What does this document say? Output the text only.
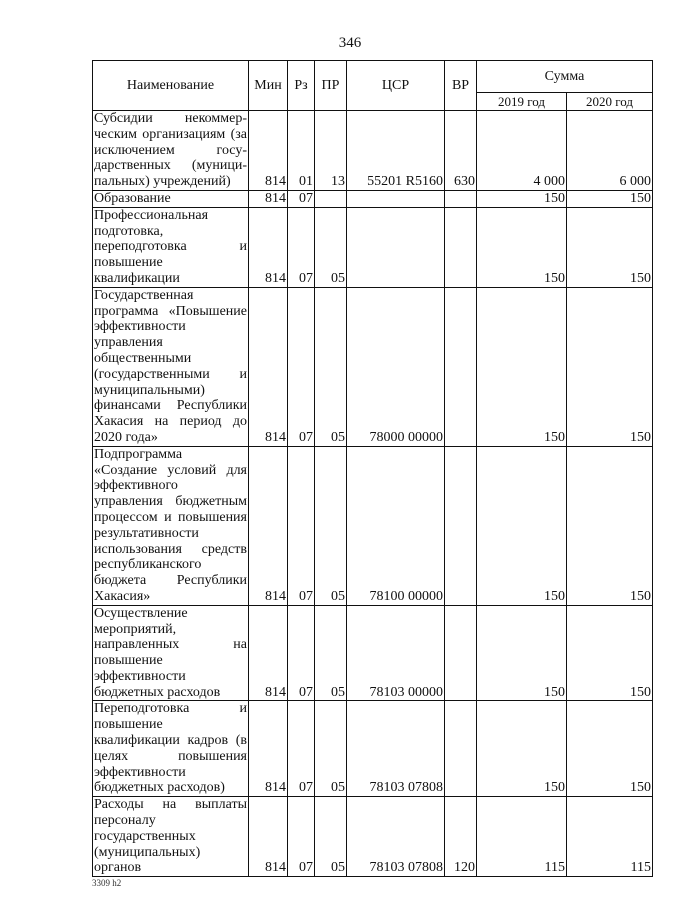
346
Наименование	Мин	Рз	ПР	ЦСР	ВР	Сумма	
						2019 год	2020 год
Субсидии некоммер-ческим организациям (за исключением госу-дарственных (муници-пальных) учреждений)	814	01	13	55201 R5160	630	4 000	6 000
Образование	814	07				150	150
Профессиональная подготовка, переподготовка и повышение квалификации	814	07	05			150	150
Государственная программа «Повышение эффективности управления общественными (государственными и муниципальными) финансами Республики Хакасия на период до 2020 года»	814	07	05	78000 00000		150	150
Подпрограмма «Создание условий для эффективного управления бюджетным процессом и повышения результативности использования средств республиканского бюджета Республики Хакасия»	814	07	05	78100 00000		150	150
Осуществление мероприятий, направленных на повышение эффективности бюджетных расходов	814	07	05	78103 00000		150	150
Переподготовка и повышение квалификации кадров (в целях повышения эффективности бюджетных расходов)	814	07	05	78103 07808		150	150
Расходы на выплаты персоналу государственных (муниципальных) органов	814	07	05	78103 07808	120	115	115
3309 h2
